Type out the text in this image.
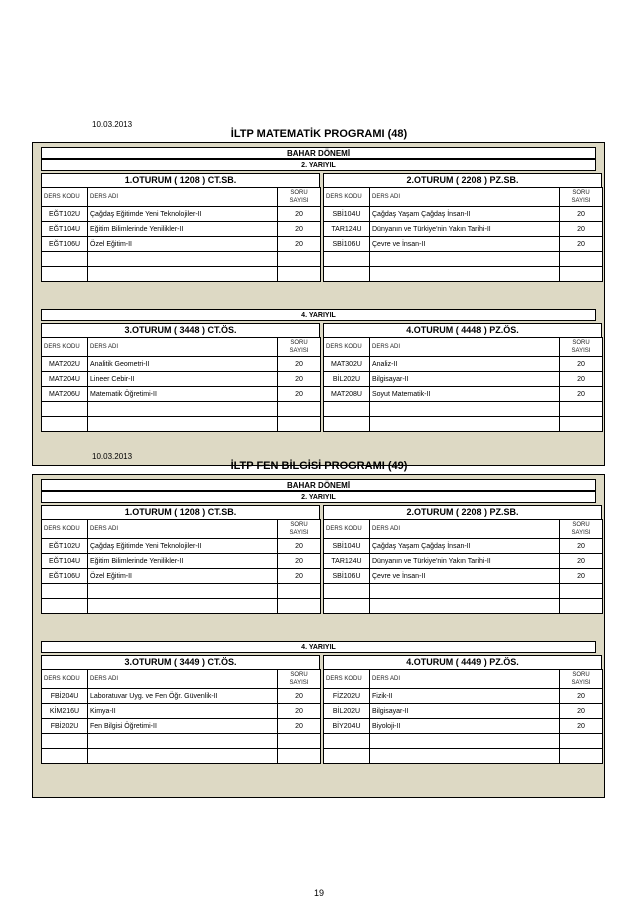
10.03.2013
İLTP MATEMATİK PROGRAMI (48)
BAHAR DÖNEMİ
2. YARIYIL
1.OTURUM ( 1208 ) CT.SB.
DERS KODU	DERS ADI	SORU
SAYISI

EĞT102U	Çağdaş Eğitimde Yeni Teknolojiler-II	20
EĞT104U	Eğitim Bilimlerinde Yenilikler-II	20
EĞT106U	Özel Eğitim-II	20

2.OTURUM ( 2208 ) PZ.SB.
DERS KODU	DERS ADI	SORU
SAYISI

SBİ104U	Çağdaş Yaşam Çağdaş İnsan-II	20
TAR124U	Dünyanın ve Türkiye'nin Yakın Tarihi-II	20
SBİ106U	Çevre ve İnsan-II	20

4. YARIYIL
3.OTURUM ( 3448 ) CT.ÖS.
DERS KODU	DERS ADI	SORU
SAYISI

MAT202U	Analitik Geometri-II	20
MAT204U	Lineer Cebir-II	20
MAT206U	Matematik Öğretimi-II	20

4.OTURUM ( 4448 ) PZ.ÖS.
DERS KODU	DERS ADI	SORU
SAYISI

MAT302U	Analiz-II	20
BİL202U	Bilgisayar-II	20
MAT208U	Soyut Matematik-II	20

10.03.2013
İLTP FEN BİLGİSİ PROGRAMI (49)
BAHAR DÖNEMİ
2. YARIYIL
1.OTURUM ( 1208 ) CT.SB.
DERS KODU	DERS ADI	SORU
SAYISI

EĞT102U	Çağdaş Eğitimde Yeni Teknolojiler-II	20
EĞT104U	Eğitim Bilimlerinde Yenilikler-II	20
EĞT106U	Özel Eğitim-II	20

2.OTURUM ( 2208 ) PZ.SB.
DERS KODU	DERS ADI	SORU
SAYISI

SBİ104U	Çağdaş Yaşam Çağdaş İnsan-II	20
TAR124U	Dünyanın ve Türkiye'nin Yakın Tarihi-II	20
SBİ106U	Çevre ve İnsan-II	20

4. YARIYIL
3.OTURUM ( 3449 ) CT.ÖS.
DERS KODU	DERS ADI	SORU
SAYISI

FBİ204U	Laboratuvar Uyg. ve Fen Öğr. Güvenlik-II	20
KİM216U	Kimya-II	20
FBİ202U	Fen Bilgisi Öğretimi-II	20

4.OTURUM ( 4449 ) PZ.ÖS.
DERS KODU	DERS ADI	SORU
SAYISI

FİZ202U	Fizik-II	20
BİL202U	Bilgisayar-II	20
BİY204U	Biyoloji-II	20

19
